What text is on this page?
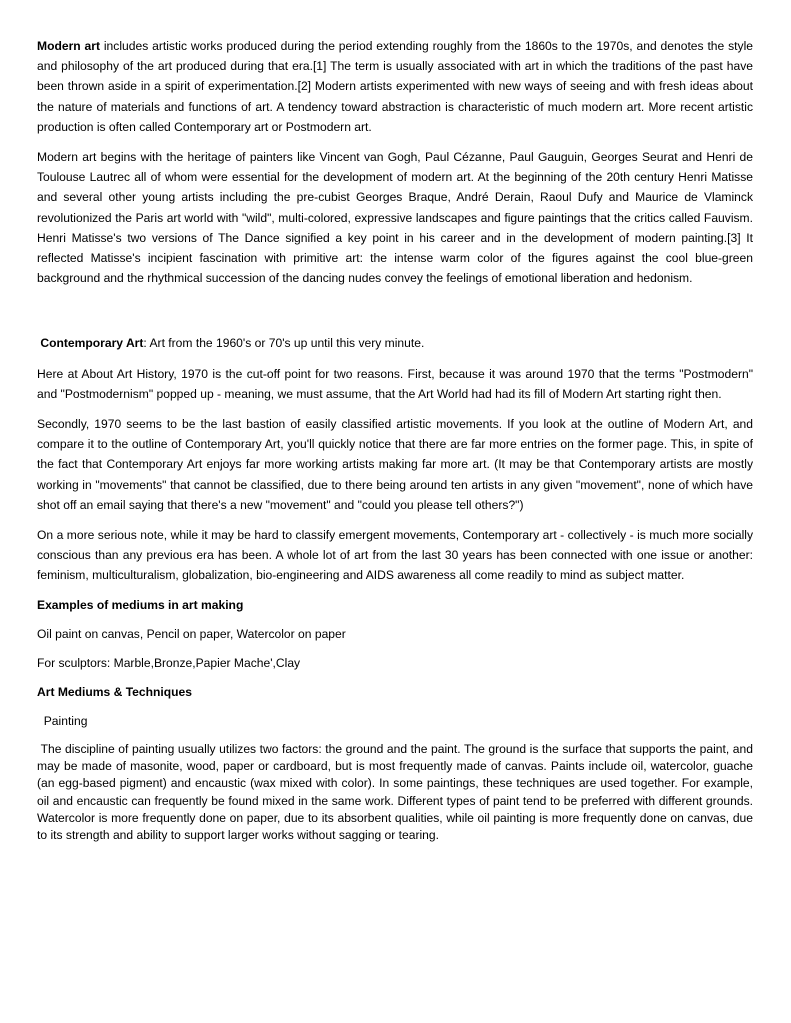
Modern art includes artistic works produced during the period extending roughly from the 1860s to the 1970s, and denotes the style and philosophy of the art produced during that era.[1] The term is usually associated with art in which the traditions of the past have been thrown aside in a spirit of experimentation.[2] Modern artists experimented with new ways of seeing and with fresh ideas about the nature of materials and functions of art. A tendency toward abstraction is characteristic of much modern art. More recent artistic production is often called Contemporary art or Postmodern art.

Modern art begins with the heritage of painters like Vincent van Gogh, Paul Cézanne, Paul Gauguin, Georges Seurat and Henri de Toulouse Lautrec all of whom were essential for the development of modern art. At the beginning of the 20th century Henri Matisse and several other young artists including the pre-cubist Georges Braque, André Derain, Raoul Dufy and Maurice de Vlaminck revolutionized the Paris art world with "wild", multi-colored, expressive landscapes and figure paintings that the critics called Fauvism. Henri Matisse's two versions of The Dance signified a key point in his career and in the development of modern painting.[3] It reflected Matisse's incipient fascination with primitive art: the intense warm color of the figures against the cool blue-green background and the rhythmical succession of the dancing nudes convey the feelings of emotional liberation and hedonism.

Contemporary Art: Art from the 1960's or 70's up until this very minute.

Here at About Art History, 1970 is the cut-off point for two reasons. First, because it was around 1970 that the terms "Postmodern" and "Postmodernism" popped up - meaning, we must assume, that the Art World had had its fill of Modern Art starting right then.

Secondly, 1970 seems to be the last bastion of easily classified artistic movements. If you look at the outline of Modern Art, and compare it to the outline of Contemporary Art, you'll quickly notice that there are far more entries on the former page. This, in spite of the fact that Contemporary Art enjoys far more working artists making far more art. (It may be that Contemporary artists are mostly working in "movements" that cannot be classified, due to there being around ten artists in any given "movement", none of which have shot off an email saying that there's a new "movement" and "could you please tell others?")

On a more serious note, while it may be hard to classify emergent movements, Contemporary art - collectively - is much more socially conscious than any previous era has been. A whole lot of art from the last 30 years has been connected with one issue or another: feminism, multiculturalism, globalization, bio-engineering and AIDS awareness all come readily to mind as subject matter.

Examples of mediums in art making

Oil paint on canvas, Pencil on paper, Watercolor on paper

For sculptors: Marble,Bronze,Papier Mache',Clay

Art Mediums & Techniques

Painting

The discipline of painting usually utilizes two factors: the ground and the paint. The ground is the surface that supports the paint, and may be made of masonite, wood, paper or cardboard, but is most frequently made of canvas. Paints include oil, watercolor, guache (an egg-based pigment) and encaustic (wax mixed with color). In some paintings, these techniques are used together. For example, oil and encaustic can frequently be found mixed in the same work. Different types of paint tend to be preferred with different grounds. Watercolor is more frequently done on paper, due to its absorbent qualities, while oil painting is more frequently done on canvas, due to its strength and ability to support larger works without sagging or tearing.
